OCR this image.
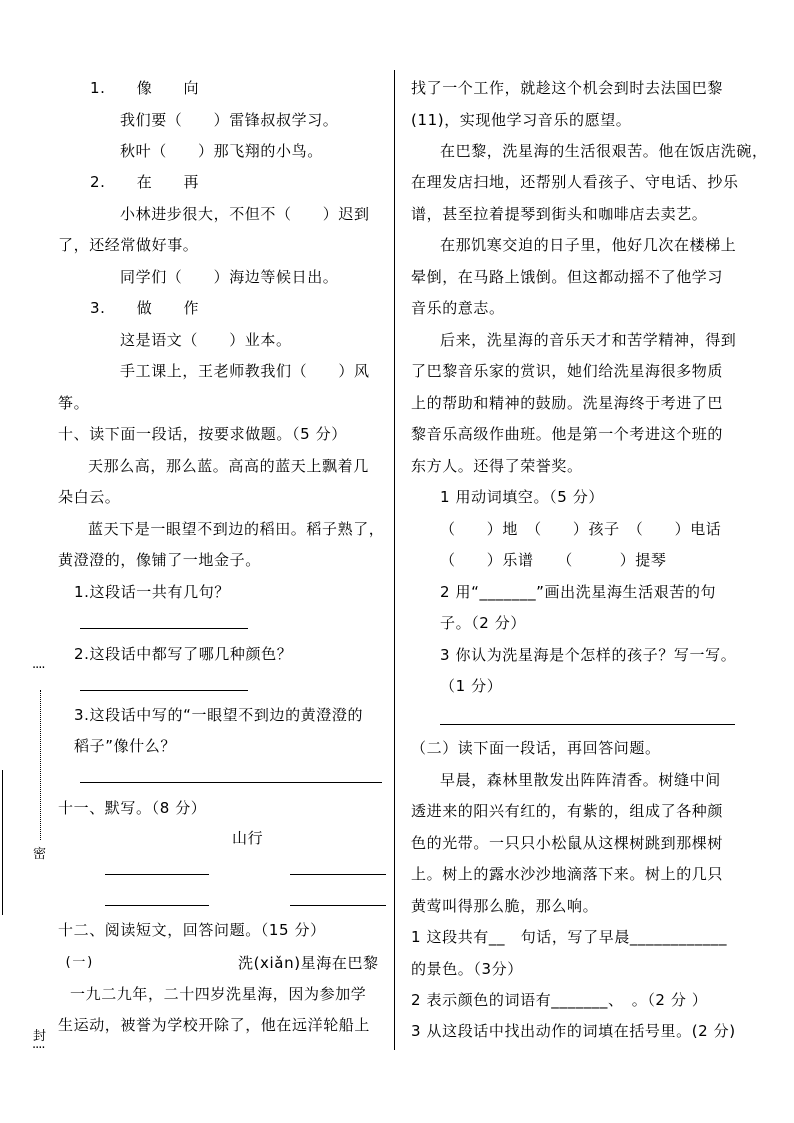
····
密
封
····
1.　　像　　向
我们要（　　）雷锋叔叔学习。
秋叶（　　）那飞翔的小鸟。
2.　　在　　再
小林进步很大，不但不（　　）迟到
了，还经常做好事。
同学们（　　）海边等候日出。
3.　　做　　作
这是语文（　　）业本。
手工课上，王老师教我们（　　）风
筝。
十、读下面一段话，按要求做题。（5 分）
天那么高，那么蓝。高高的蓝天上飘着几
朵白云。
蓝天下是一眼望不到边的稻田。稻子熟了，
黄澄澄的，像铺了一地金子。
1.这段话一共有几句？
2.这段话中都写了哪几种颜色？
3.这段话中写的“一眼望不到边的黄澄澄的
稻子”像什么？
十一、默写。（8 分）
山行
十二、阅读短文，回答问题。（15 分）
(一)	洗(xiǎn)星海在巴黎
一九二九年，二十四岁洗星海，因为参加学
生运动，被誉为学校开除了，他在远洋轮船上
找了一个工作，就趁这个机会到时去法国巴黎
(11)，实现他学习音乐的愿望。
在巴黎，洗星海的生活很艰苦。他在饭店洗碗，
在理发店扫地，还帮别人看孩子、守电话、抄乐
谱，甚至拉着提琴到街头和咖啡店去卖艺。
在那饥寒交迫的日子里，他好几次在楼梯上
晕倒，在马路上饿倒。但这都动摇不了他学习
音乐的意志。
后来，洗星海的音乐天才和苦学精神，得到
了巴黎音乐家的赏识，她们给洗星海很多物质
上的帮助和精神的鼓励。洗星海终于考进了巴
黎音乐高级作曲班。他是第一个考进这个班的
东方人。还得了荣誉奖。
1 用动词填空。（5 分）
（　　）地　（　　）孩子　（　　）电话
（　　）乐谱　　（　　　）提琴
2 用“_______”画出洗星海生活艰苦的句
子。（2 分）
3 你认为洗星海是个怎样的孩子？写一写。
（1 分）
（二）读下面一段话，再回答问题。
早晨，森林里散发出阵阵清香。树缝中间
透进来的阳兴有红的，有紫的，组成了各种颜
色的光带。一只只小松鼠从这棵树跳到那棵树
上。树上的露水沙沙地滴落下来。树上的几只
黄莺叫得那么脆，那么响。
1 这段共有__　句话，写了早晨____________
的景色。（3分）
2 表示颜色的词语有_______、　。（2 分 ）
3 从这段话中找出动作的词填在括号里。(2 分)
